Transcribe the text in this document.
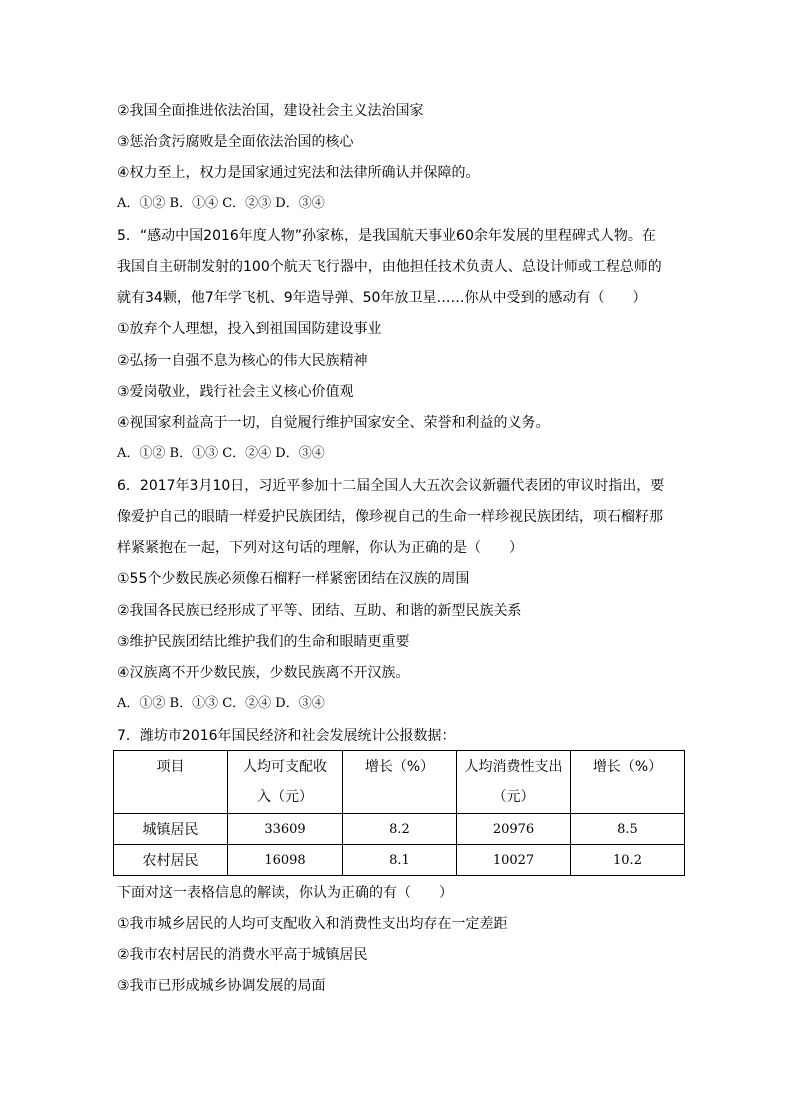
②我国全面推进依法治国，建设社会主义法治国家
③惩治贪污腐败是全面依法治国的核心
④权力至上，权力是国家通过宪法和法律所确认并保障的。
A．①② B．①④ C．②③ D．③④
5．“感动中国2016年度人物”孙家栋，是我国航天事业60余年发展的里程碑式人物。在
我国自主研制发射的100个航天飞行器中，由他担任技术负责人、总设计师或工程总师的
就有34颗，他7年学飞机、9年造导弹、50年放卫星……你从中受到的感动有（　　）
①放弃个人理想，投入到祖国国防建设事业
②弘扬一自强不息为核心的伟大民族精神
③爱岗敬业，践行社会主义核心价值观
④视国家利益高于一切，自觉履行维护国家安全、荣誉和利益的义务。
A．①② B．①③ C．②④ D．③④
6．2017年3月10日，习近平参加十二届全国人大五次会议新疆代表团的审议时指出，要
像爱护自己的眼睛一样爱护民族团结，像珍视自己的生命一样珍视民族团结，项石榴籽那
样紧紧抱在一起，下列对这句话的理解，你认为正确的是（　　）
①55个少数民族必须像石榴籽一样紧密团结在汉族的周围
②我国各民族已经形成了平等、团结、互助、和谐的新型民族关系
③维护民族团结比维护我们的生命和眼睛更重要
④汉族离不开少数民族，少数民族离不开汉族。
A．①② B．①③ C．②④ D．③④
7．潍坊市2016年国民经济和社会发展统计公报数据：
项目	人均可支配收入（元）	增长（%）	人均消费性支出（元）	增长（%）
城镇居民	33609	8.2	20976	8.5
农村居民	16098	8.1	10027	10.2
下面对这一表格信息的解读，你认为正确的有（　　）
①我市城乡居民的人均可支配收入和消费性支出均存在一定差距
②我市农村居民的消费水平高于城镇居民
③我市已形成城乡协调发展的局面
